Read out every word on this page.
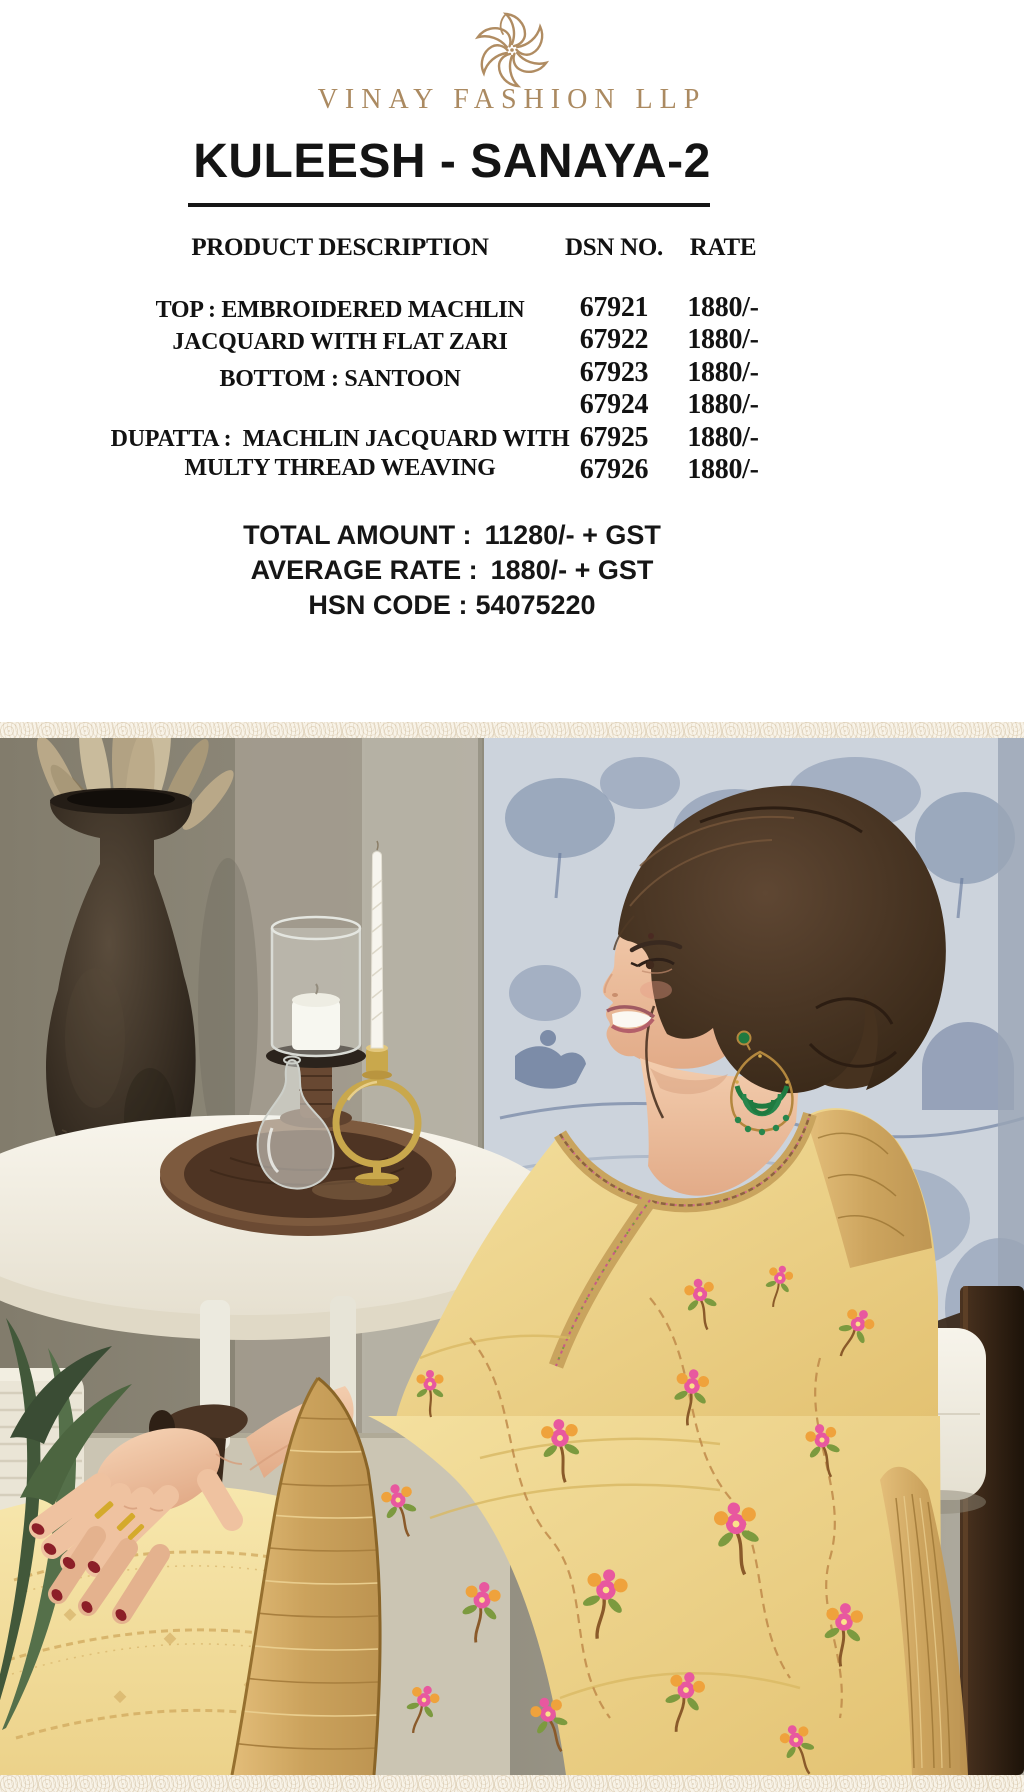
VINAY FASHION LLP
KULEESH - SANAYA-2
PRODUCT DESCRIPTION	DSN NO.	RATE
TOP : EMBROIDERED MACHLIN
JACQUARD WITH FLAT ZARI
BOTTOM : SANTOON
DUPATTA :  MACHLIN JACQUARD WITH
MULTY THREAD WEAVING
67921
67922
67923
67924
67925
67926
1880/-
1880/-
1880/-
1880/-
1880/-
1880/-
TOTAL AMOUNT : 11280/- + GST
AVERAGE RATE : 1880/- + GST
HSN CODE : 54075220
